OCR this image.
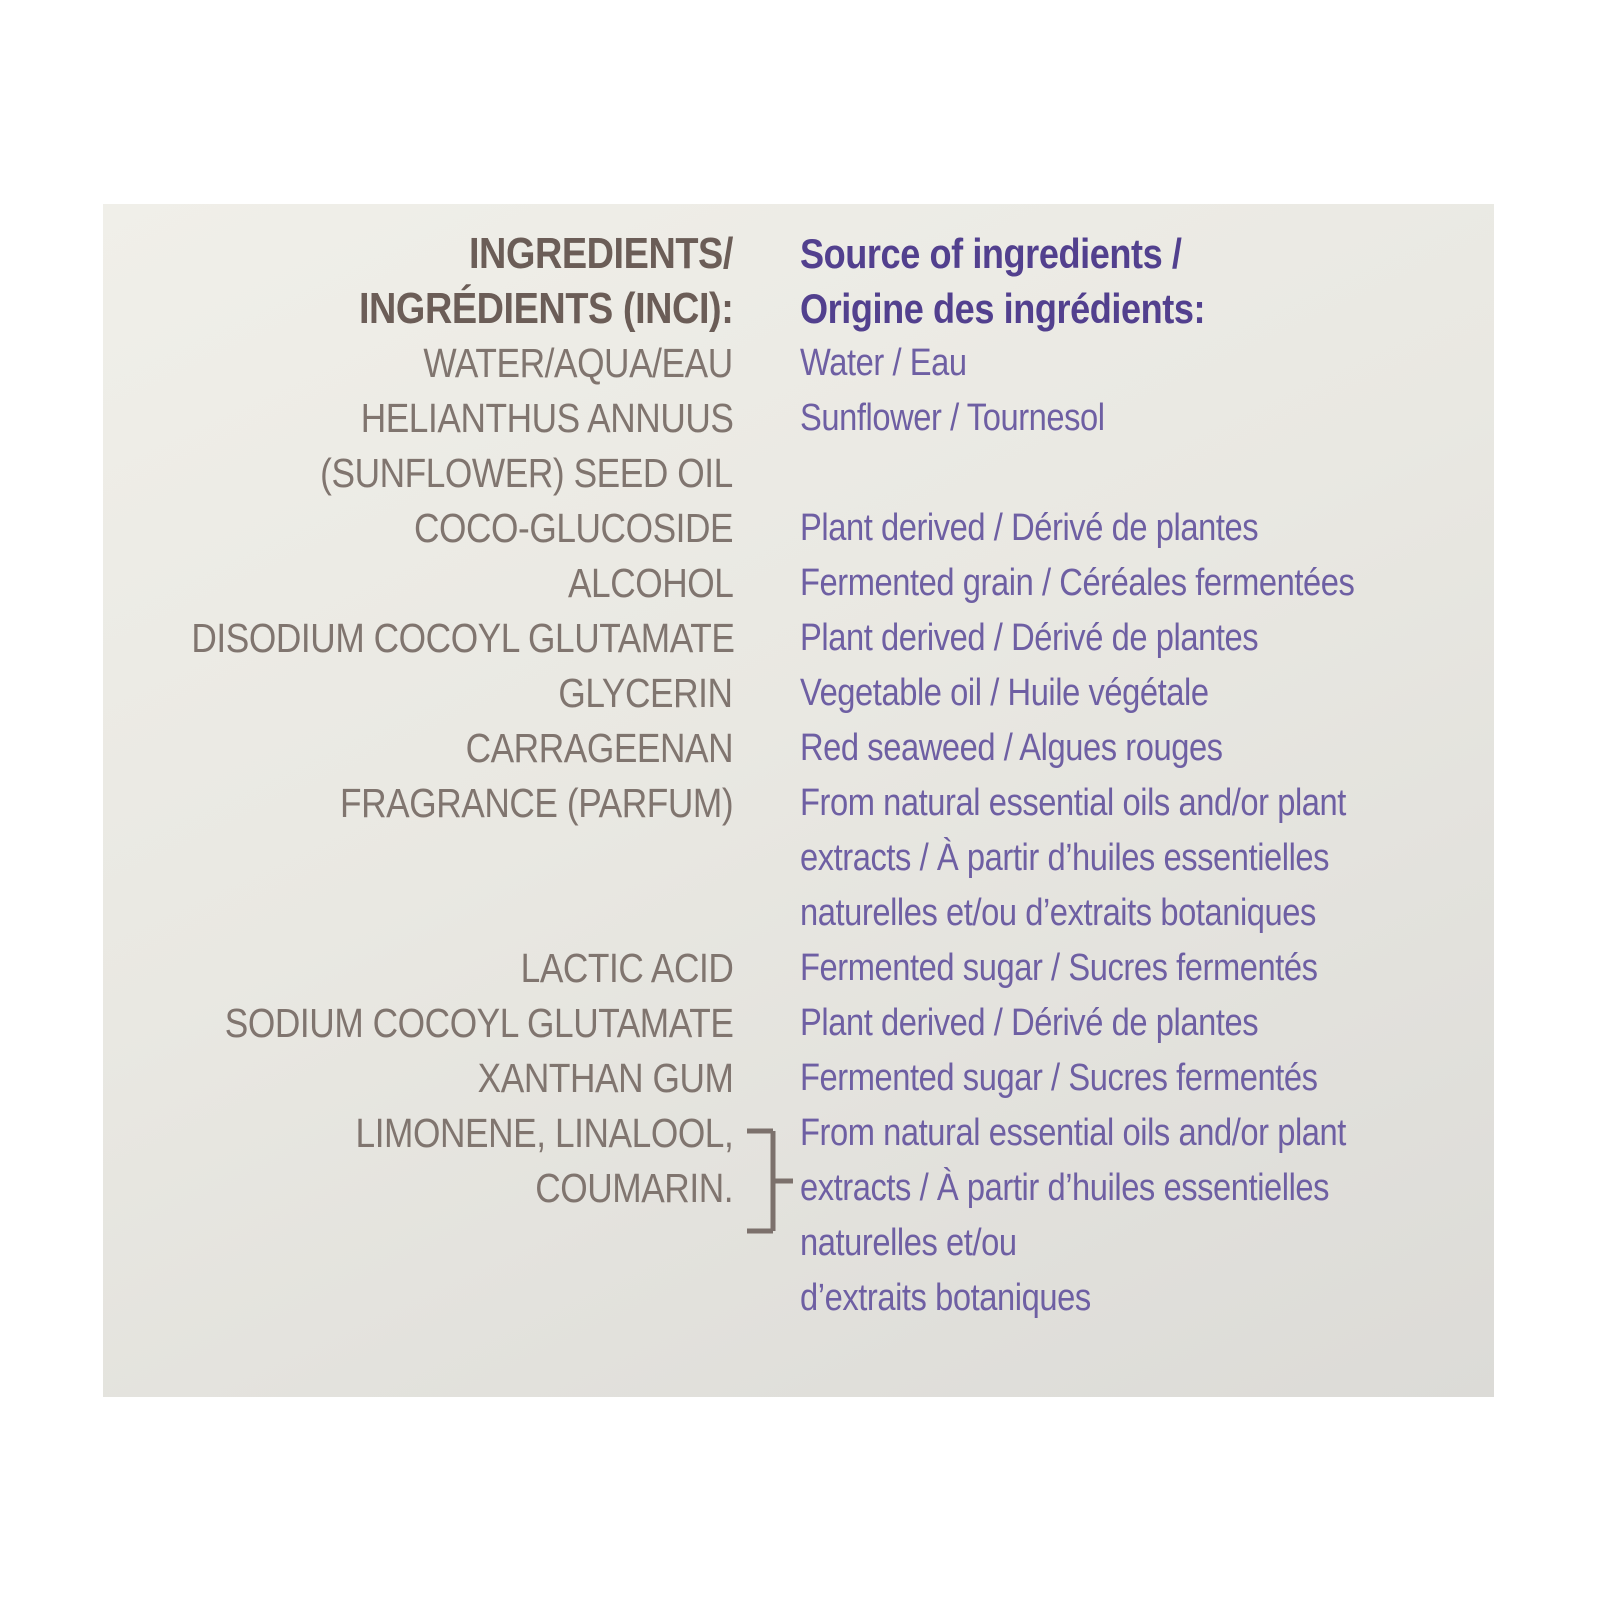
INGREDIENTS/ Source of ingredients /
INGRÉDIENTS (INCI): Origine des ingrédients:
WATER/AQUA/EAU Water / Eau
HELIANTHUS ANNUUS Sunflower / Tournesol
(SUNFLOWER) SEED OIL
COCO-GLUCOSIDE Plant derived / Dérivé de plantes
ALCOHOL Fermented grain / Céréales fermentées
DISODIUM COCOYL GLUTAMATE Plant derived / Dérivé de plantes
GLYCERIN Vegetable oil / Huile végétale
CARRAGEENAN Red seaweed / Algues rouges
FRAGRANCE (PARFUM) From natural essential oils and/or plant
extracts / À partir d’huiles essentielles
naturelles et/ou d’extraits botaniques
LACTIC ACID Fermented sugar / Sucres fermentés
SODIUM COCOYL GLUTAMATE Plant derived / Dérivé de plantes
XANTHAN GUM Fermented sugar / Sucres fermentés
LIMONENE, LINALOOL, From natural essential oils and/or plant
COUMARIN. extracts / À partir d’huiles essentielles
naturelles et/ou
d’extraits botaniques
